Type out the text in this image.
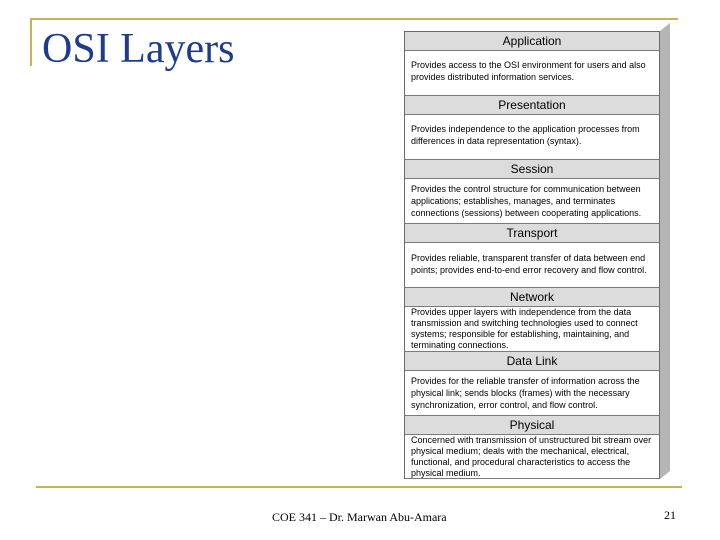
OSI Layers	Application
Provides access to the OSI environment for users and also
provides distributed information services.
Presentation
Provides independence to the application processes from
differences in data representation (syntax).
Session
Provides the control structure for communication between
applications; establishes, manages, and terminates
connections (sessions) between cooperating applications.
Transport
Provides reliable, transparent transfer of data between end
points; provides end-to-end error recovery and flow control.
Network
Provides upper layers with independence from the data
transmission and switching technologies used to connect
systems; responsible for establishing, maintaining, and
terminating connections.
Data Link
Provides for the reliable transfer of information across the
physical link; sends blocks (frames) with the necessary
synchronization, error control, and flow control.
Physical
Concerned with transmission of unstructured bit stream over
physical medium; deals with the mechanical, electrical,
functional, and procedural characteristics to access the
physical medium.
COE 341 – Dr. Marwan Abu-Amara	21
